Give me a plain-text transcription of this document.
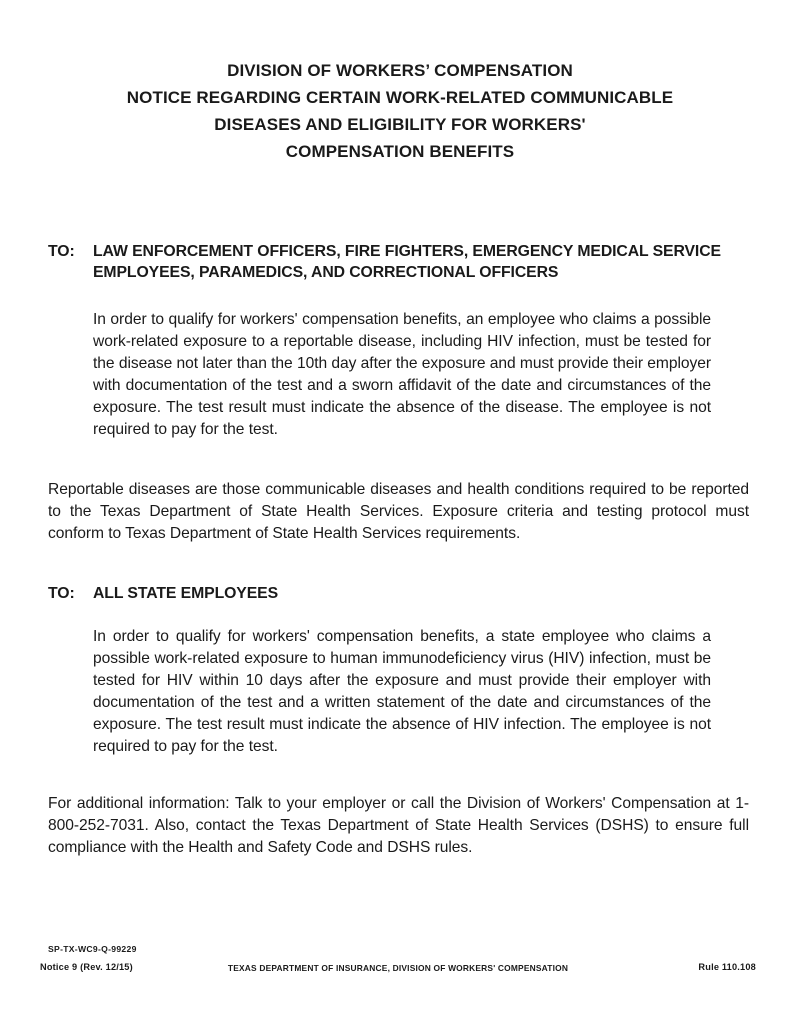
DIVISION OF WORKERS’ COMPENSATION
NOTICE REGARDING CERTAIN WORK-RELATED COMMUNICABLE
DISEASES AND ELIGIBILITY FOR WORKERS'
COMPENSATION BENEFITS
TO:	LAW ENFORCEMENT OFFICERS, FIRE FIGHTERS, EMERGENCY MEDICAL SERVICE EMPLOYEES, PARAMEDICS, AND CORRECTIONAL OFFICERS
In order to qualify for workers' compensation benefits, an employee who claims a possible work-related exposure to a reportable disease, including HIV infection, must be tested for the disease not later than the 10th day after the exposure and must provide their employer with documentation of the test and a sworn affidavit of the date and circumstances of the exposure. The test result must indicate the absence of the disease. The employee is not required to pay for the test.
Reportable diseases are those communicable diseases and health conditions required to be reported to the Texas Department of State Health Services. Exposure criteria and testing protocol must conform to Texas Department of State Health Services requirements.
TO:	ALL STATE EMPLOYEES
In order to qualify for workers' compensation benefits, a state employee who claims a possible work-related exposure to human immunodeficiency virus (HIV) infection, must be tested for HIV within 10 days after the exposure and must provide their employer with documentation of the test and a written statement of the date and circumstances of the exposure. The test result must indicate the absence of HIV infection. The employee is not required to pay for the test.
For additional information: Talk to your employer or call the Division of Workers' Compensation at 1-800-252-7031. Also, contact the Texas Department of State Health Services (DSHS) to ensure full compliance with the Health and Safety Code and DSHS rules.
SP-TX-WC9-Q-99229
Notice 9 (Rev. 12/15)	TEXAS DEPARTMENT OF INSURANCE, DIVISION OF WORKERS' COMPENSATION	Rule 110.108
